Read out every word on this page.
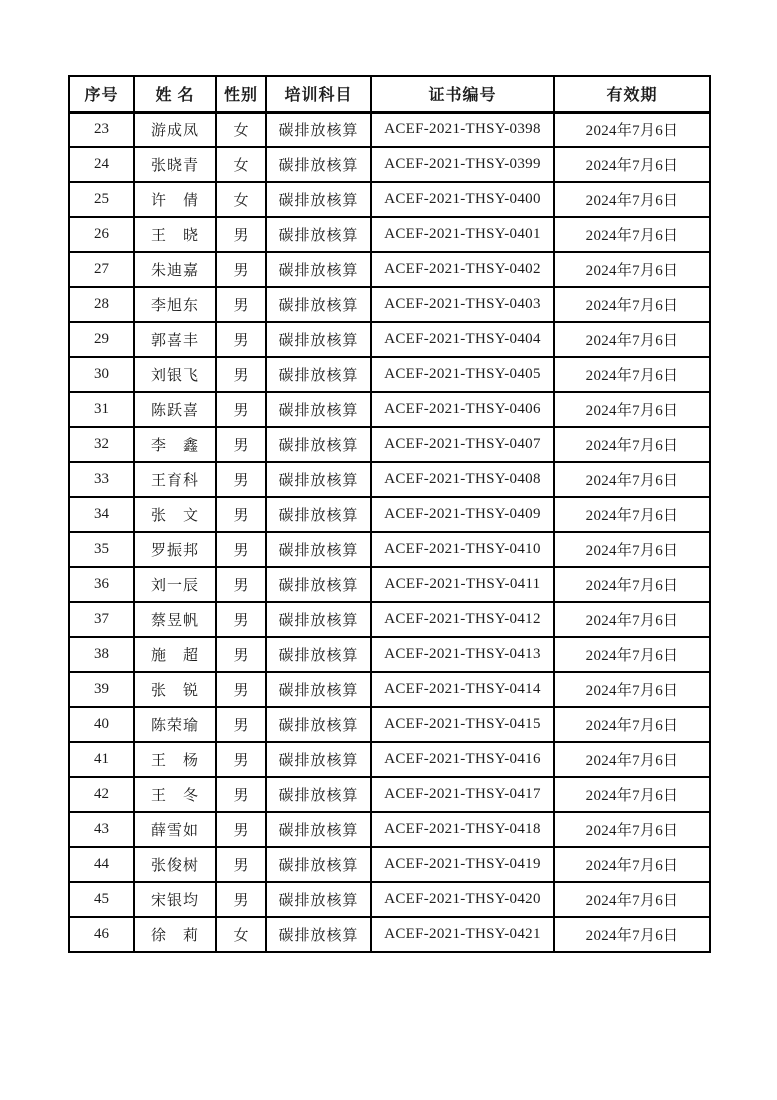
序号	姓 名	性别	培训科目	证书编号	有效期
23	游成凤	女	碳排放核算	ACEF-2021-THSY-0398	2024年7月6日
24	张晓青	女	碳排放核算	ACEF-2021-THSY-0399	2024年7月6日
25	许　倩	女	碳排放核算	ACEF-2021-THSY-0400	2024年7月6日
26	王　晓	男	碳排放核算	ACEF-2021-THSY-0401	2024年7月6日
27	朱迪嘉	男	碳排放核算	ACEF-2021-THSY-0402	2024年7月6日
28	李旭东	男	碳排放核算	ACEF-2021-THSY-0403	2024年7月6日
29	郭喜丰	男	碳排放核算	ACEF-2021-THSY-0404	2024年7月6日
30	刘银飞	男	碳排放核算	ACEF-2021-THSY-0405	2024年7月6日
31	陈跃喜	男	碳排放核算	ACEF-2021-THSY-0406	2024年7月6日
32	李　鑫	男	碳排放核算	ACEF-2021-THSY-0407	2024年7月6日
33	王育科	男	碳排放核算	ACEF-2021-THSY-0408	2024年7月6日
34	张　文	男	碳排放核算	ACEF-2021-THSY-0409	2024年7月6日
35	罗振邦	男	碳排放核算	ACEF-2021-THSY-0410	2024年7月6日
36	刘一辰	男	碳排放核算	ACEF-2021-THSY-0411	2024年7月6日
37	蔡昱帆	男	碳排放核算	ACEF-2021-THSY-0412	2024年7月6日
38	施　超	男	碳排放核算	ACEF-2021-THSY-0413	2024年7月6日
39	张　锐	男	碳排放核算	ACEF-2021-THSY-0414	2024年7月6日
40	陈荣瑜	男	碳排放核算	ACEF-2021-THSY-0415	2024年7月6日
41	王　杨	男	碳排放核算	ACEF-2021-THSY-0416	2024年7月6日
42	王　冬	男	碳排放核算	ACEF-2021-THSY-0417	2024年7月6日
43	薛雪如	男	碳排放核算	ACEF-2021-THSY-0418	2024年7月6日
44	张俊树	男	碳排放核算	ACEF-2021-THSY-0419	2024年7月6日
45	宋银均	男	碳排放核算	ACEF-2021-THSY-0420	2024年7月6日
46	徐　莉	女	碳排放核算	ACEF-2021-THSY-0421	2024年7月6日
